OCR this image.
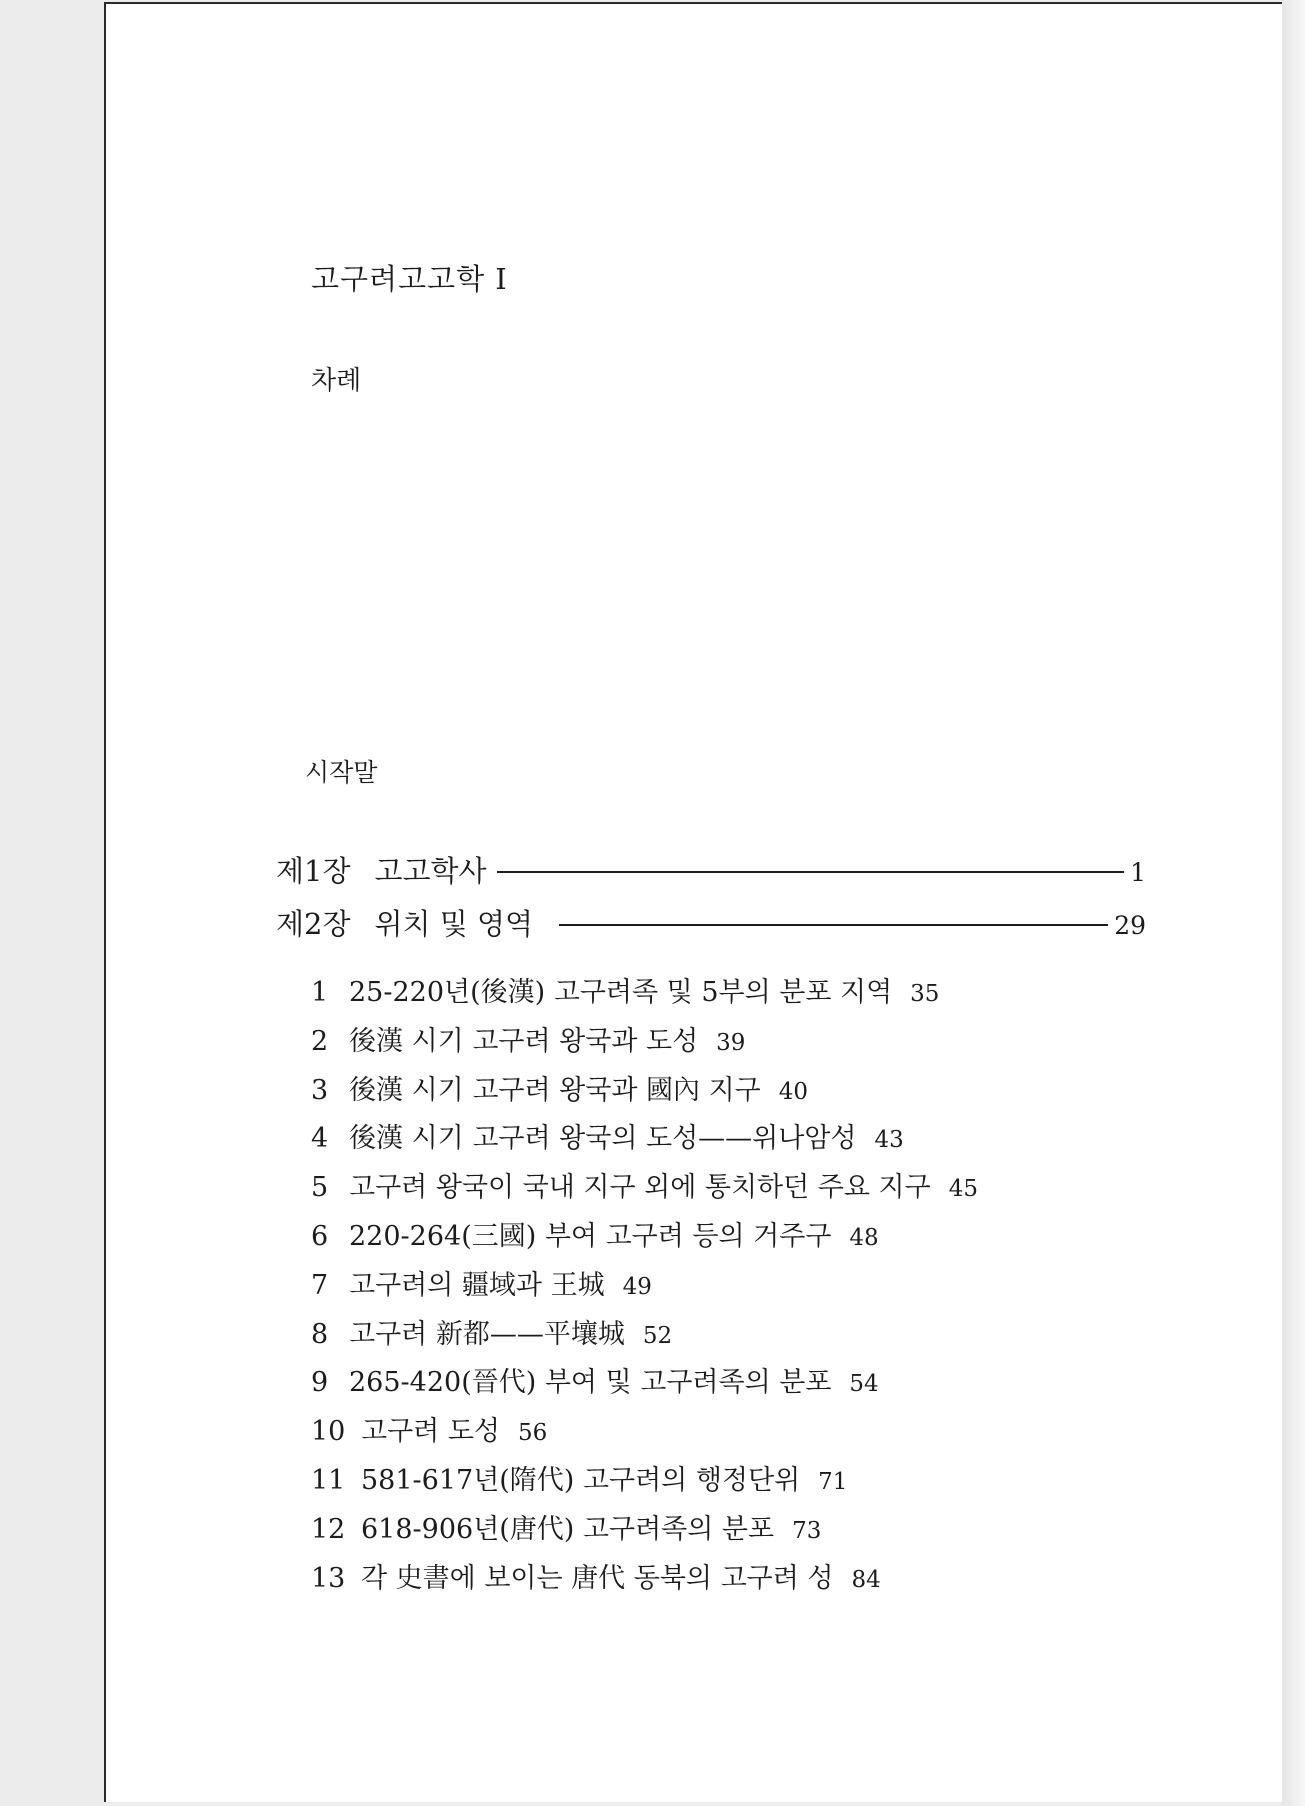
고구려고고학 Ⅰ
차례
시작말
제1장 고고학사	1
제2장 위치 및 영역	29
1 25-220년(後漢) 고구려족 및 5부의 분포 지역 35
2 後漢 시기 고구려 왕국과 도성 39
3 後漢 시기 고구려 왕국과 國內 지구 40
4 後漢 시기 고구려 왕국의 도성——위나암성 43
5 고구려 왕국이 국내 지구 외에 통치하던 주요 지구 45
6 220-264(三國) 부여 고구려 등의 거주구 48
7 고구려의 疆域과 王城 49
8 고구려 新都——平壤城 52
9 265-420(晉代) 부여 및 고구려족의 분포 54
10 고구려 도성 56
11 581-617년(隋代) 고구려의 행정단위 71
12 618-906년(唐代) 고구려족의 분포 73
13 각 史書에 보이는 唐代 동북의 고구려 성 84
